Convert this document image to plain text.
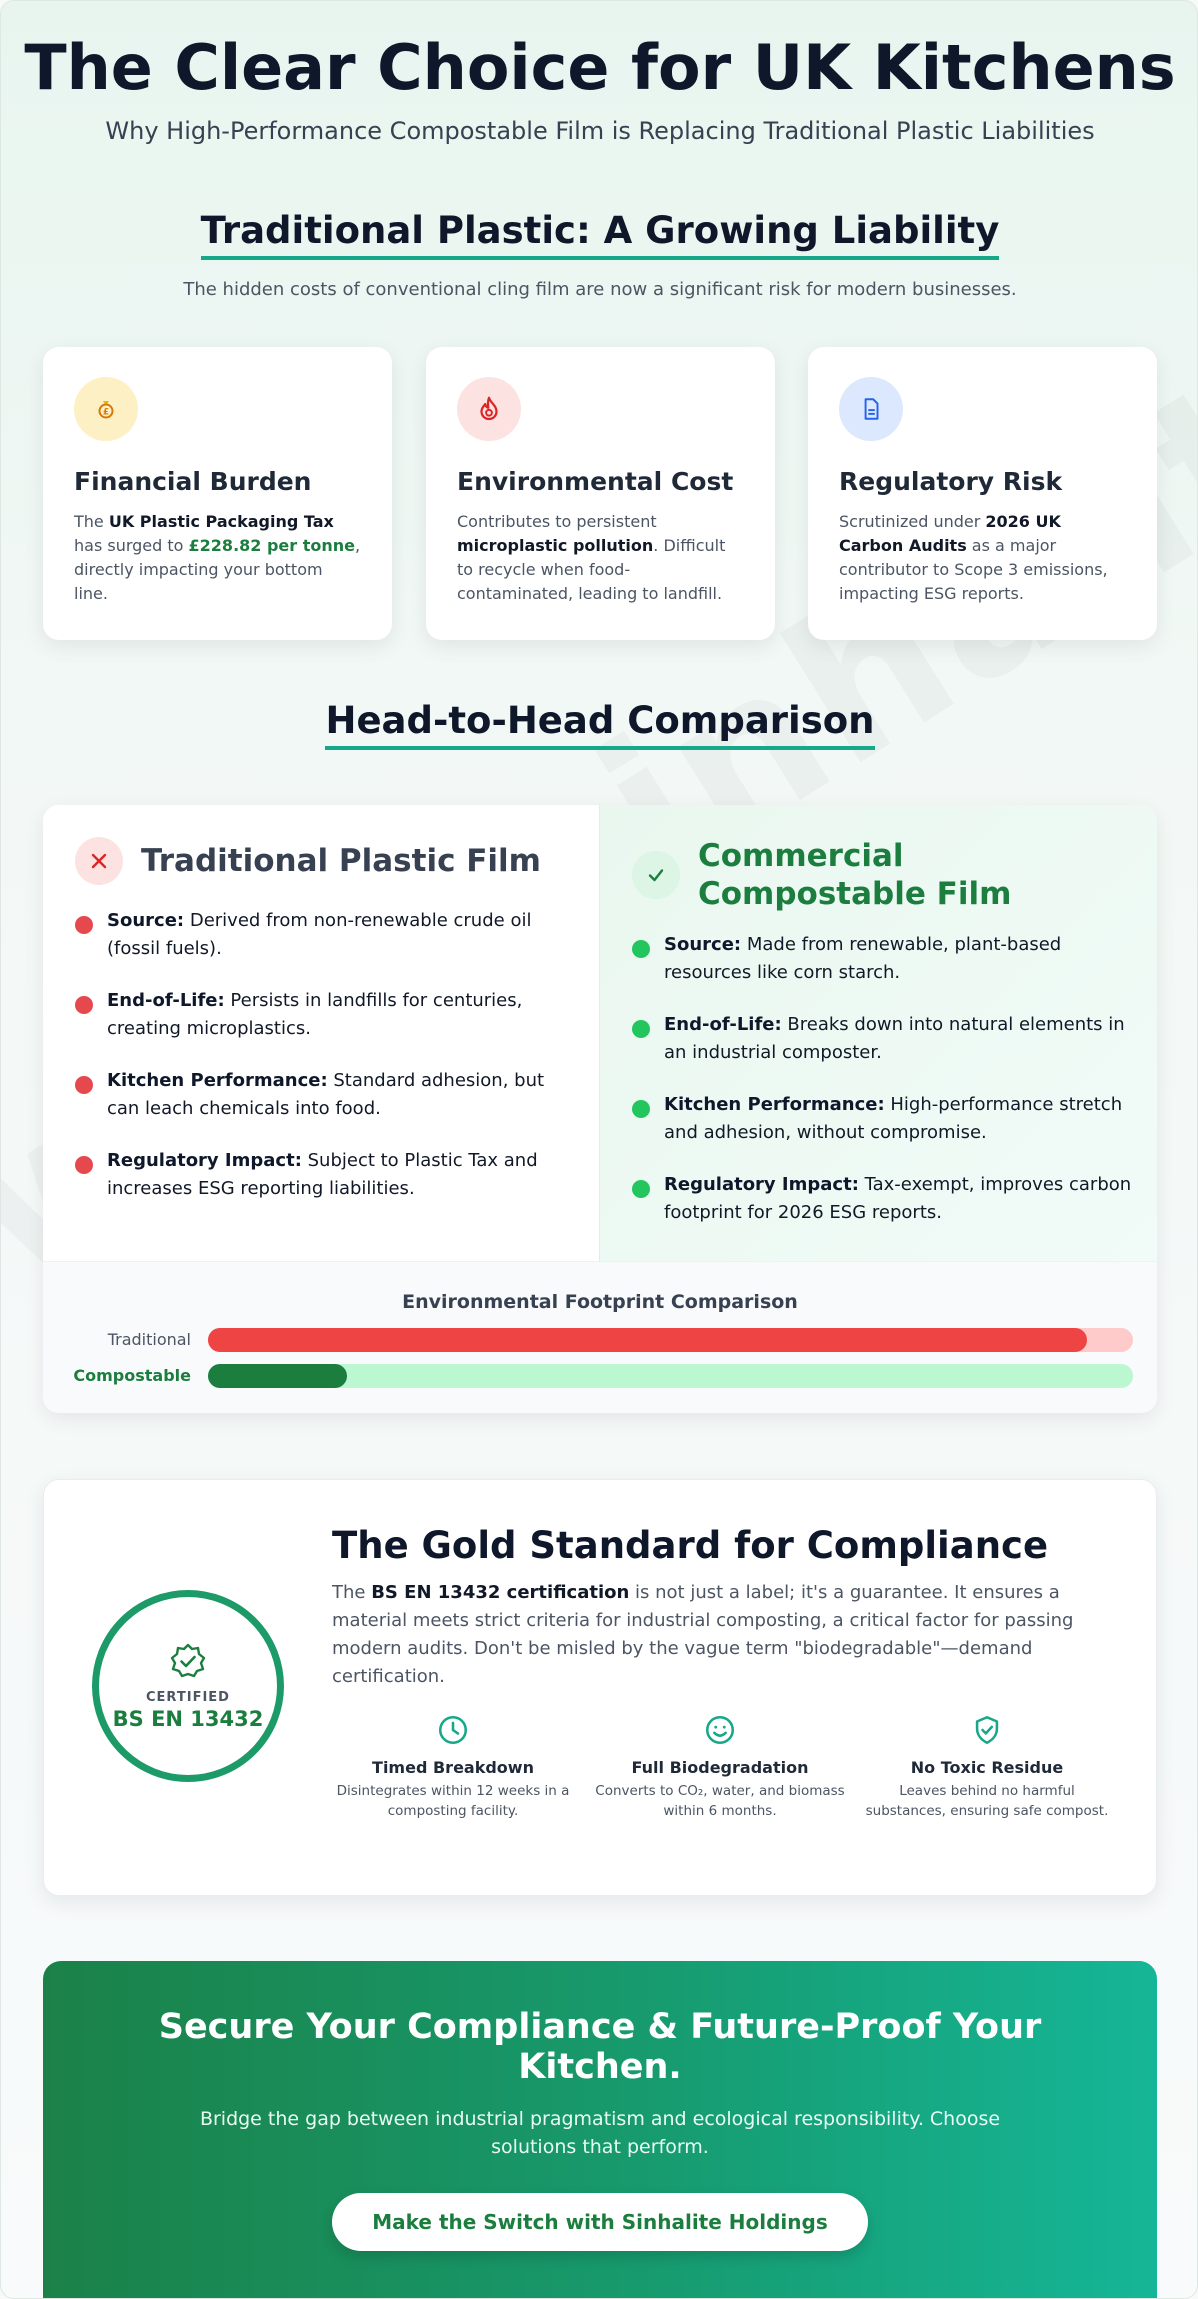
The Clear Choice for UK Kitchens

Why High-Performance Compostable Film is Replacing Traditional Plastic Liabilities

Traditional Plastic: A Growing Liability

The hidden costs of conventional cling film are now a significant risk for modern businesses.

£
Financial Burden

The UK Plastic Packaging Tax has surged to £228.82 per tonne, directly impacting your bottom line.

Environmental Cost

Contributes to persistent microplastic pollution. Difficult to recycle when food-contaminated, leading to landfill.

Regulatory Risk

Scrutinized under 2026 UK Carbon Audits as a major contributor to Scope 3 emissions, impacting ESG reports.

Head-to-Head Comparison
Traditional Plastic Film
Source: Derived from non-renewable crude oil (fossil fuels).
End-of-Life: Persists in landfills for centuries, creating microplastics.
Kitchen Performance: Standard adhesion, but can leach chemicals into food.
Regulatory Impact: Subject to Plastic Tax and increases ESG reporting liabilities.
Commercial Compostable Film
Source: Made from renewable, plant-based resources like corn starch.
End-of-Life: Breaks down into natural elements in an industrial composter.
Kitchen Performance: High-performance stretch and adhesion, without compromise.
Regulatory Impact: Tax-exempt, improves carbon footprint for 2026 ESG reports.
Environmental Footprint Comparison
Traditional
Compostable
CERTIFIED
BS EN 13432
The Gold Standard for Compliance

The BS EN 13432 certification is not just a label; it's a guarantee. It ensures a material meets strict criteria for industrial composting, a critical factor for passing modern audits. Don't be misled by the vague term "biodegradable"—demand certification.

Timed Breakdown

Disintegrates within 12 weeks in a composting facility.

Full Biodegradation

Converts to CO₂, water, and biomass within 6 months.

No Toxic Residue

Leaves behind no harmful substances, ensuring safe compost.

Secure Your Compliance & Future-Proof Your Kitchen.

Bridge the gap between industrial pragmatism and ecological responsibility. Choose solutions that perform.

Make the Switch with Sinhalite Holdings
